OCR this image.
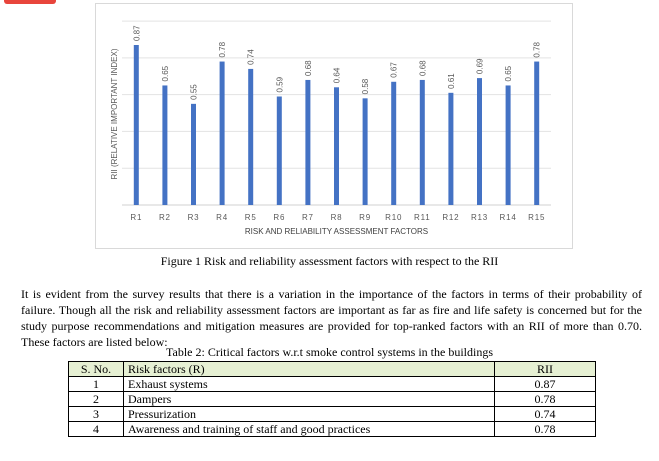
0.87
R1
0.65
R2
0.55
R3
0.78
R4
0.74
R5
0.59
R6
0.68
R7
0.64
R8
0.58
R9
0.67
R10
0.68
R11
0.61
R12
0.69
R13
0.65
R14
0.78
R15
RISK AND RELIABILITY ASSESSMENT FACTORS
RII (RELATIVE IMPORTANT INDEX)
Figure 1 Risk and reliability assessment factors with respect to the RII
It is evident from the survey results that there is a variation in the importance of the factors in terms of their probability of failure. Though all the risk and reliability assessment factors are important as far as fire and life safety is concerned but for the study purpose recommendations and mitigation measures are provided for top-ranked factors with an RII of more than 0.70. These factors are listed below:
Table 2: Critical factors w.r.t smoke control systems in the buildings
S. No.	Risk factors (R)	RII
1	Exhaust systems	0.87
2	Dampers	0.78
3	Pressurization	0.74
4	Awareness and training of staff and good practices	0.78
